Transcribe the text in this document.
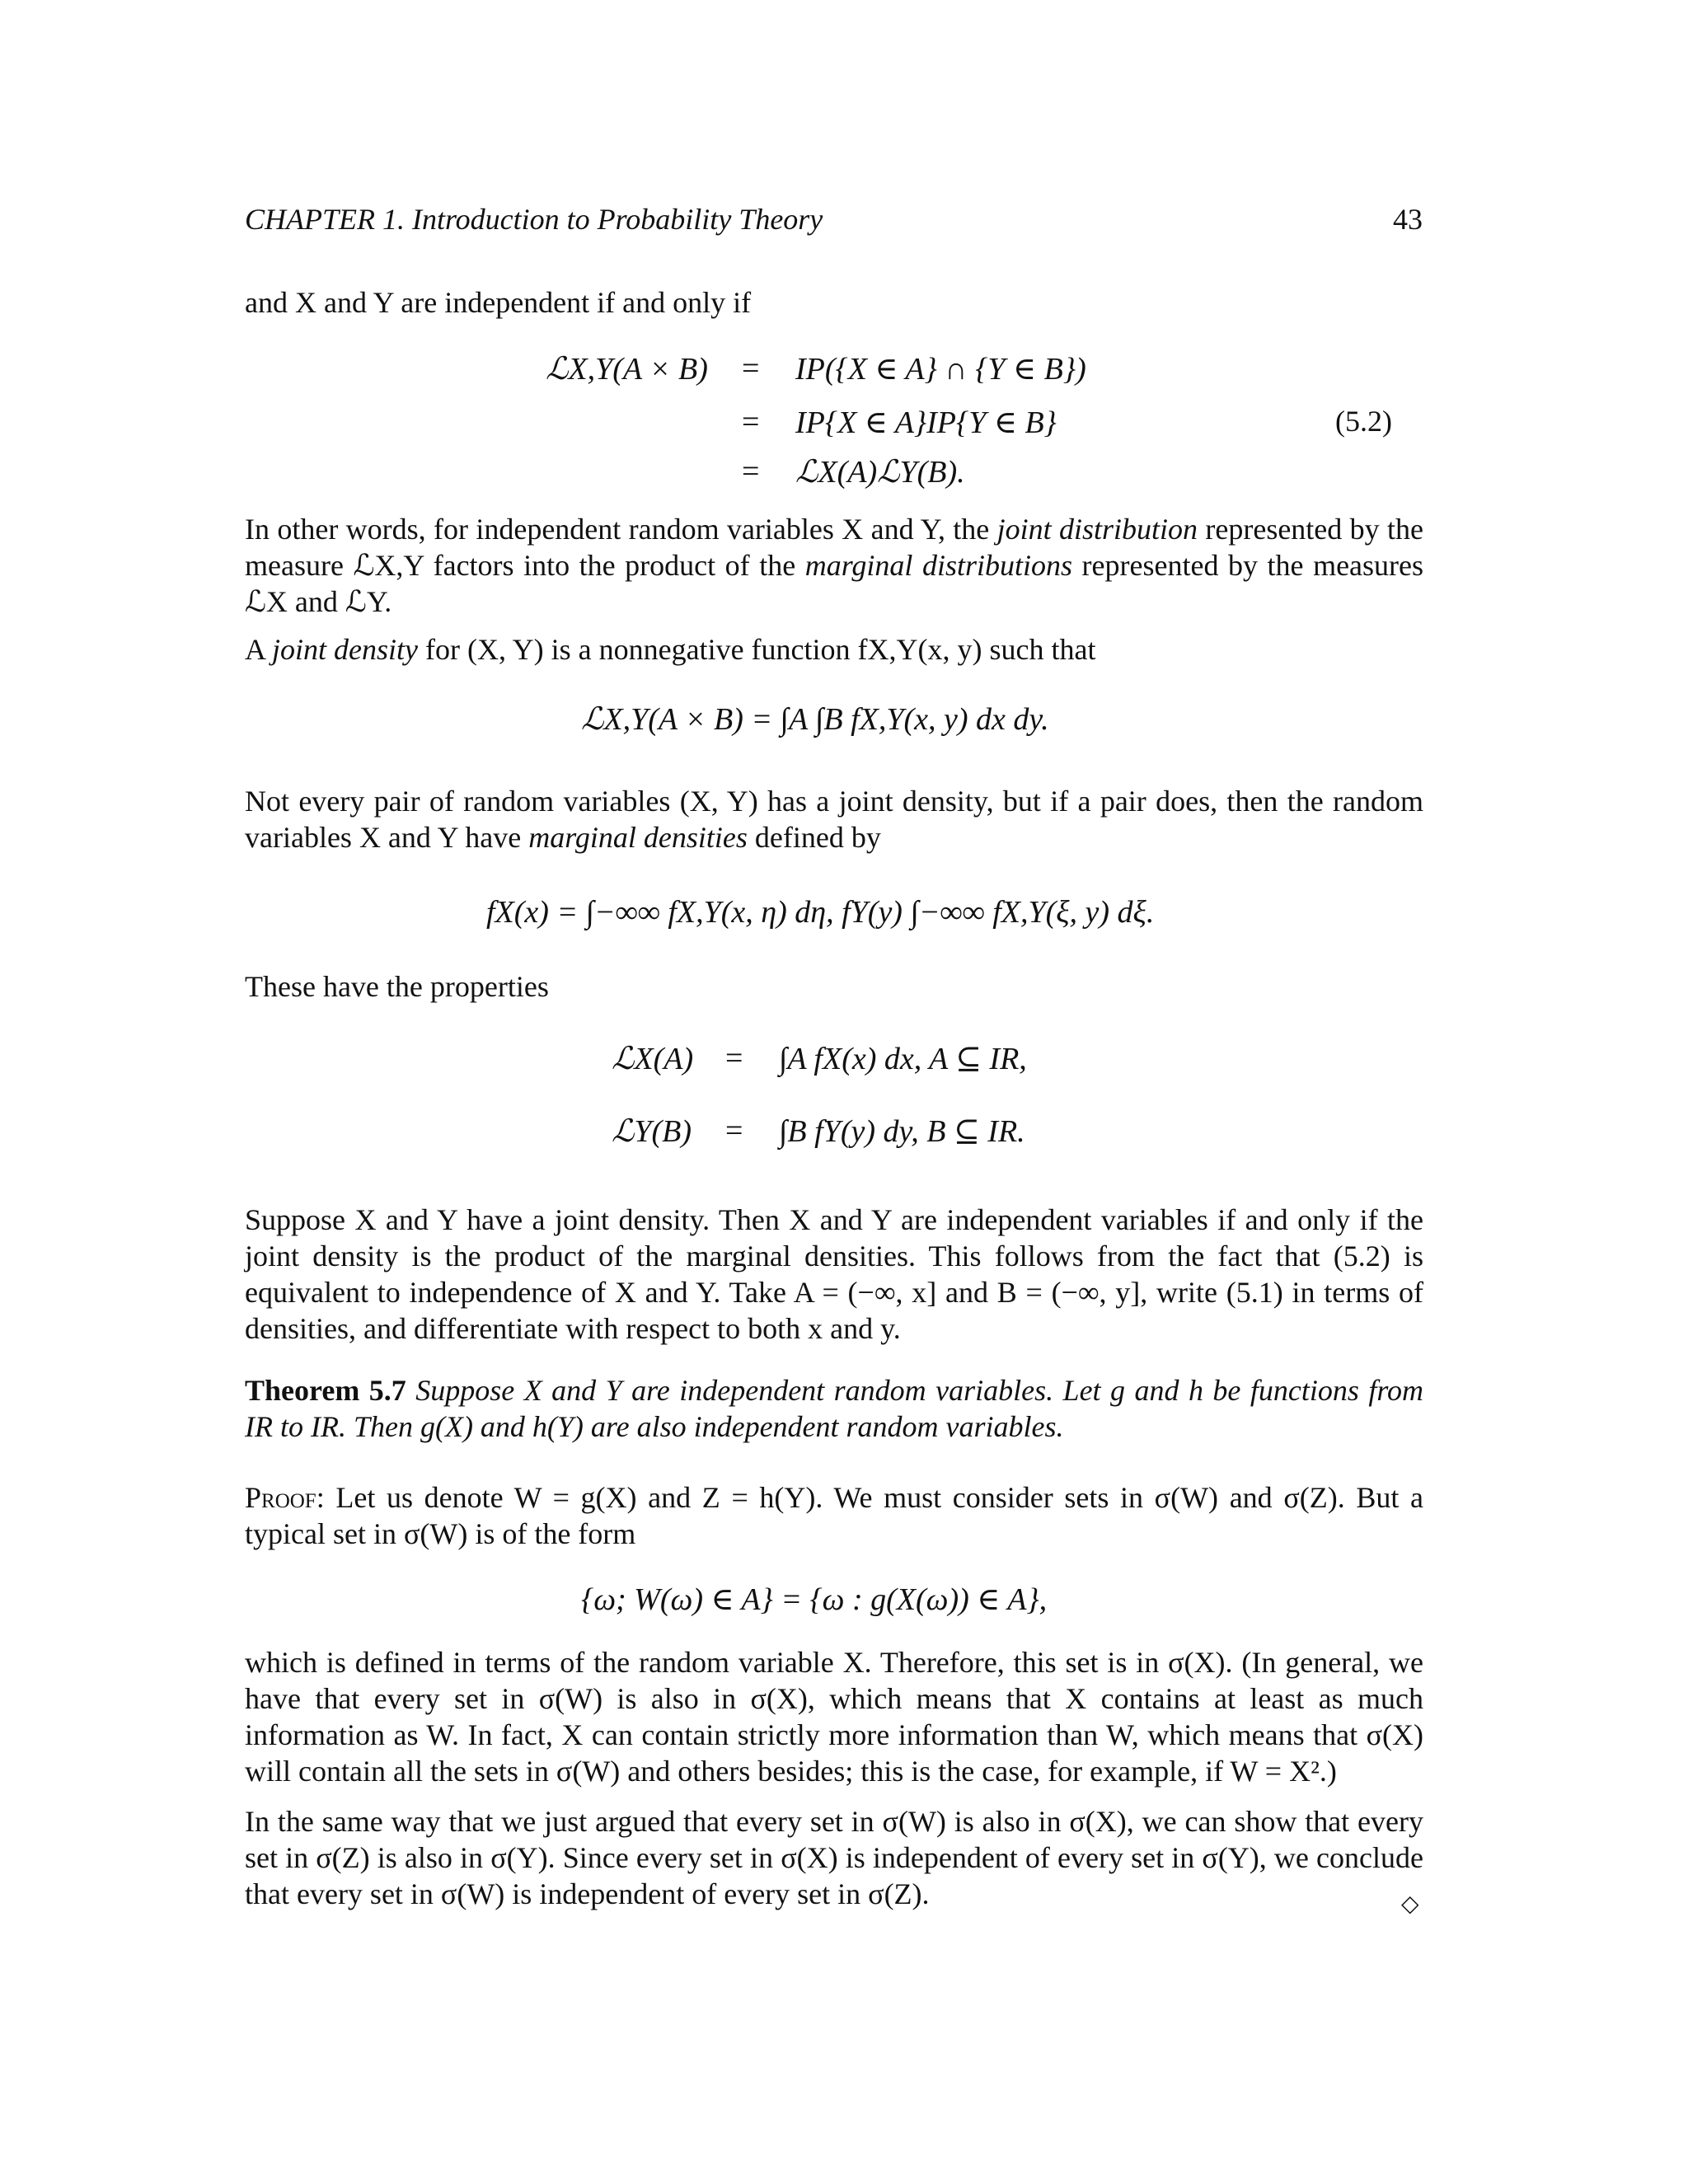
CHAPTER 1. Introduction to Probability Theory	43
and X and Y are independent if and only if
ℒX,Y(A × B) = IP({X ∈ A} ∩ {Y ∈ B})
= IP{X ∈ A}IP{Y ∈ B}
= ℒX(A)ℒY(B).
(5.2)
In other words, for independent random variables X and Y, the joint distribution represented by the measure ℒX,Y factors into the product of the marginal distributions represented by the measures ℒX and ℒY.
A joint density for (X, Y) is a nonnegative function fX,Y(x, y) such that
ℒX,Y(A × B) = ∫A ∫B fX,Y(x, y) dx dy.
Not every pair of random variables (X, Y) has a joint density, but if a pair does, then the random variables X and Y have marginal densities defined by
fX(x) = ∫−∞∞ fX,Y(x, η) dη, fY(y) ∫−∞∞ fX,Y(ξ, y) dξ.
These have the properties
ℒX(A) = ∫A fX(x) dx, A ⊆ IR,
ℒY(B) = ∫B fY(y) dy, B ⊆ IR.
Suppose X and Y have a joint density. Then X and Y are independent variables if and only if the joint density is the product of the marginal densities. This follows from the fact that (5.2) is equivalent to independence of X and Y. Take A = (−∞, x] and B = (−∞, y], write (5.1) in terms of densities, and differentiate with respect to both x and y.
Theorem 5.7 Suppose X and Y are independent random variables. Let g and h be functions from IR to IR. Then g(X) and h(Y) are also independent random variables.
Proof: Let us denote W = g(X) and Z = h(Y). We must consider sets in σ(W) and σ(Z). But a typical set in σ(W) is of the form
{ω; W(ω) ∈ A} = {ω : g(X(ω)) ∈ A},
which is defined in terms of the random variable X. Therefore, this set is in σ(X). (In general, we have that every set in σ(W) is also in σ(X), which means that X contains at least as much information as W. In fact, X can contain strictly more information than W, which means that σ(X) will contain all the sets in σ(W) and others besides; this is the case, for example, if W = X².)
In the same way that we just argued that every set in σ(W) is also in σ(X), we can show that every set in σ(Z) is also in σ(Y). Since every set in σ(X) is independent of every set in σ(Y), we conclude that every set in σ(W) is independent of every set in σ(Z).	◇
